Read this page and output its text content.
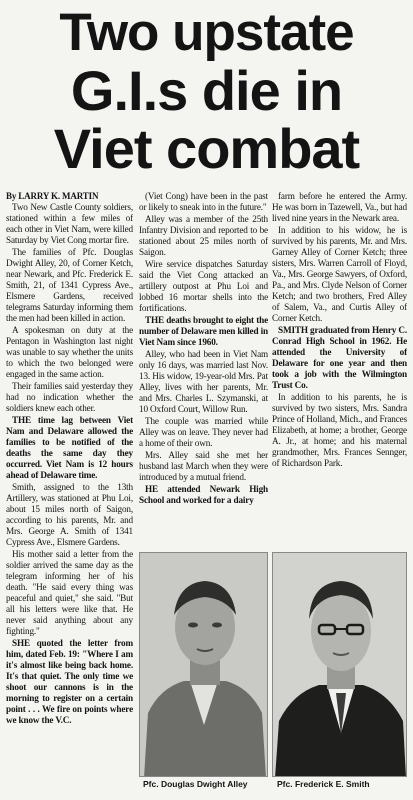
Two upstate
G.I.s die in
Viet combat

By LARRY K. MARTIN

Two New Castle County soldiers, stationed within a few miles of each other in Viet Nam, were killed Saturday by Viet Cong mortar fire.

The families of Pfc. Douglas Dwight Alley, 20, of Corner Ketch, near Newark, and Pfc. Frederick E. Smith, 21, of 1341 Cypress Ave., Elsmere Gardens, received telegrams Saturday informing them the men had been killed in action.

A spokesman on duty at the Pentagon in Washington last night was unable to say whether the units to which the two belonged were engaged in the same action.

Their families said yesterday they had no indication whether the soldiers knew each other.

THE time lag between Viet Nam and Delaware allowed the families to be notified of the deaths the same day they occurred. Viet Nam is 12 hours ahead of Delaware time.

Smith, assigned to the 13th Artillery, was stationed at Phu Loi, about 15 miles north of Saigon, according to his parents, Mr. and Mrs. George A. Smith of 1341 Cypress Ave., Elsmere Gardens.

His mother said a letter from the soldier arrived the same day as the telegram informing her of his death. "He said every thing was peaceful and quiet," she said. "But all his letters were like that. He never said anything about any fighting."

SHE quoted the letter from him, dated Feb. 19: "Where I am it's almost like being back home. It's that quiet. The only time we shoot our cannons is in the morning to register on a certain point . . . We fire on points where we know the V.C.

(Viet Cong) have been in the past or likely to sneak into in the future."

Alley was a member of the 25th Infantry Division and reported to be stationed about 25 miles north of Saigon.

Wire service dispatches Saturday said the Viet Cong attacked an artillery outpost at Phu Loi and lobbed 16 mortar shells into the fortifications.

THE deaths brought to eight the number of Delaware men killed in Viet Nam since 1960.

Alley, who had been in Viet Nam only 16 days, was married last Nov. 13. His widow, 19-year-old Mrs. Pat Alley, lives with her parents, Mr. and Mrs. Charles L. Szymanski, at 10 Oxford Court, Willow Run.

The couple was married while Alley was on leave. They never had a home of their own.

Mrs. Alley said she met her husband last March when they were introduced by a mutual friend.

HE attended Newark High School and worked for a dairy

farm before he entered the Army. He was born in Tazewell, Va., but had lived nine years in the Newark area.

In addition to his widow, he is survived by his parents, Mr. and Mrs. Garney Alley of Corner Ketch; three sisters, Mrs. Warren Carroll of Floyd, Va., Mrs. George Sawyers, of Oxford, Pa., and Mrs. Clyde Nelson of Corner Ketch; and two brothers, Fred Alley of Salem, Va., and Curtis Alley of Corner Ketch.

SMITH graduated from Henry C. Conrad High School in 1962. He attended the University of Delaware for one year and then took a job with the Wilmington Trust Co.

In addition to his parents, he is survived by two sisters, Mrs. Sandra Prince of Holland, Mich., and Frances Elizabeth, at home; a brother, George A. Jr., at home; and his maternal grandmother, Mrs. Frances Sennger, of Richardson Park.

Pfc. Douglas Dwight Alley	Pfc. Frederick E. Smith
